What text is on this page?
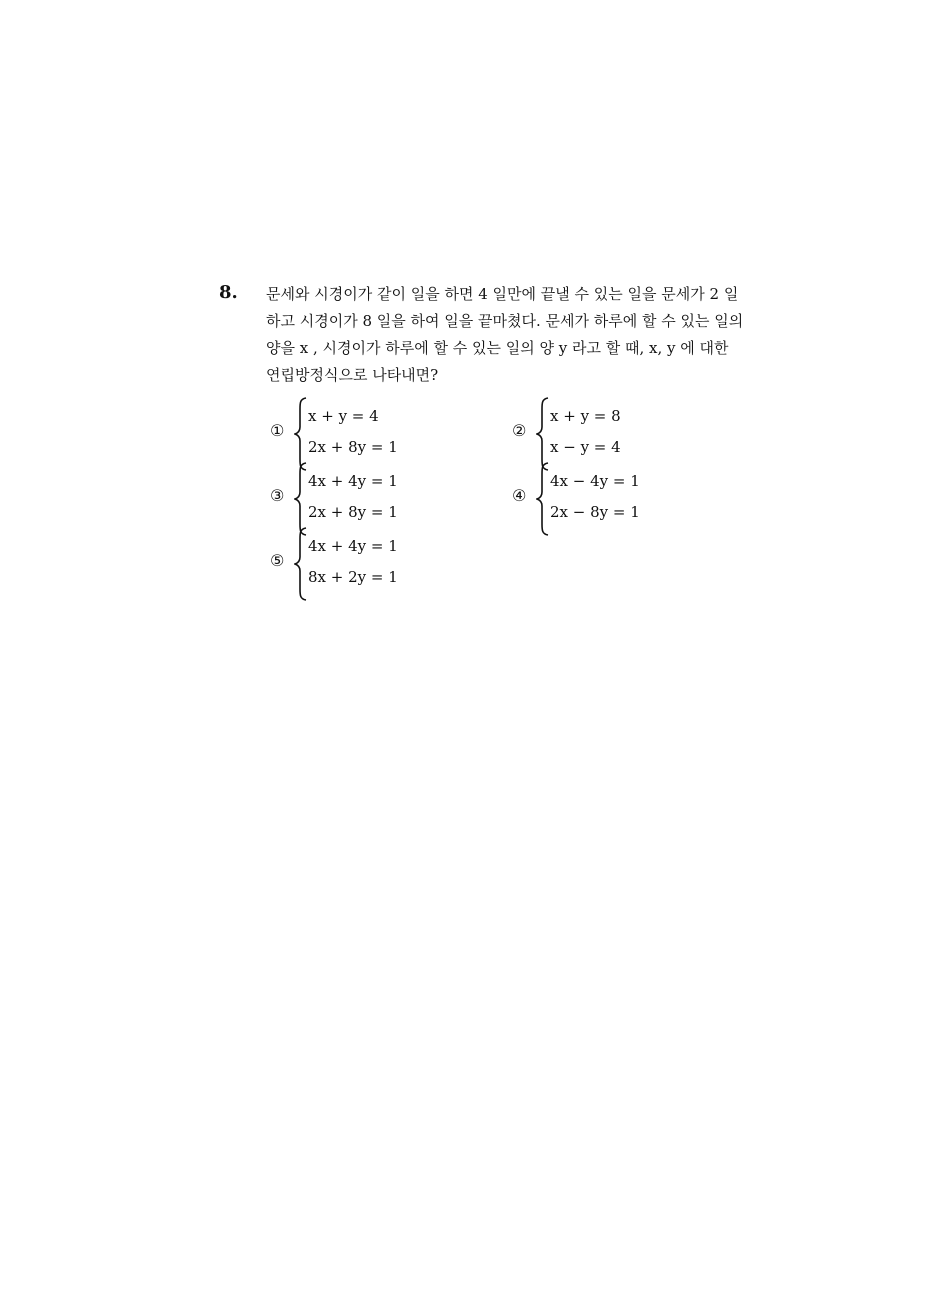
8. 문세와 시경이가 같이 일을 하면 4 일만에 끝낼 수 있는 일을 문세가 2 일
하고 시경이가 8 일을 하여 일을 끝마쳤다. 문세가 하루에 할 수 있는 일의
양을 x , 시경이가 하루에 할 수 있는 일의 양 y 라고 할 때, x, y 에 대한
연립방정식으로 나타내면?
①
x + y = 4
2x + 8y = 1
②
x + y = 8
x − y = 4
③
4x + 4y = 1
2x + 8y = 1
④
4x − 4y = 1
2x − 8y = 1
⑤
4x + 4y = 1
8x + 2y = 1
